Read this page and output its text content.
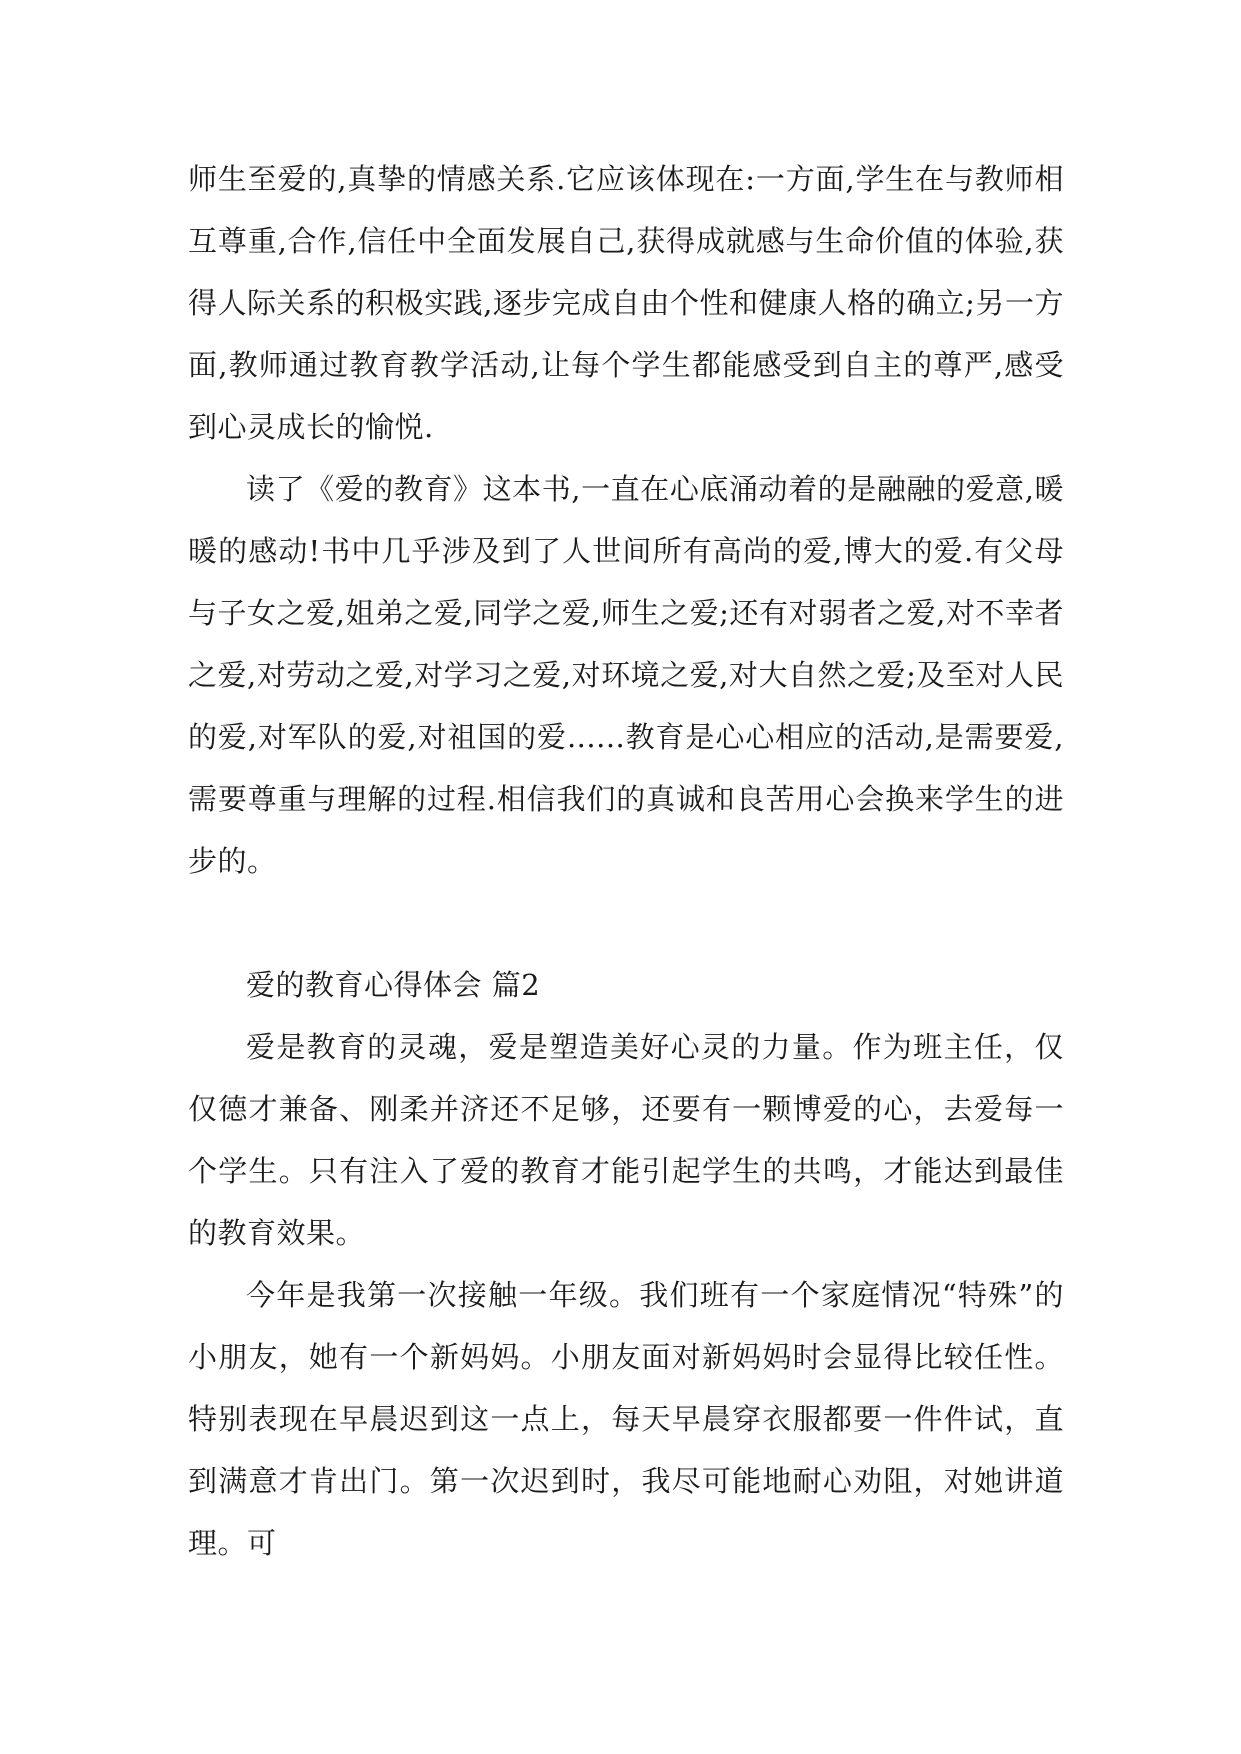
师生至爱的,真挚的情感关系.它应该体现在:一方面,学生在与教师相互尊重,合作,信任中全面发展自己,获得成就感与生命价值的体验,获得人际关系的积极实践,逐步完成自由个性和健康人格的确立;另一方面,教师通过教育教学活动,让每个学生都能感受到自主的尊严,感受到心灵成长的愉悦.

读了《爱的教育》这本书,一直在心底涌动着的是融融的爱意,暖暖的感动!书中几乎涉及到了人世间所有高尚的爱,博大的爱.有父母与子女之爱,姐弟之爱,同学之爱,师生之爱;还有对弱者之爱,对不幸者之爱,对劳动之爱,对学习之爱,对环境之爱,对大自然之爱;及至对人民的爱,对军队的爱,对祖国的爱......教育是心心相应的活动,是需要爱,需要尊重与理解的过程.相信我们的真诚和良苦用心会换来学生的进步的。

爱的教育心得体会 篇2

爱是教育的灵魂，爱是塑造美好心灵的力量。作为班主任，仅仅德才兼备、刚柔并济还不足够，还要有一颗博爱的心，去爱每一个学生。只有注入了爱的教育才能引起学生的共鸣，才能达到最佳的教育效果。

今年是我第一次接触一年级。我们班有一个家庭情况“特殊”的小朋友，她有一个新妈妈。小朋友面对新妈妈时会显得比较任性。特别表现在早晨迟到这一点上，每天早晨穿衣服都要一件件试，直到满意才肯出门。第一次迟到时，我尽可能地耐心劝阻，对她讲道理。可
